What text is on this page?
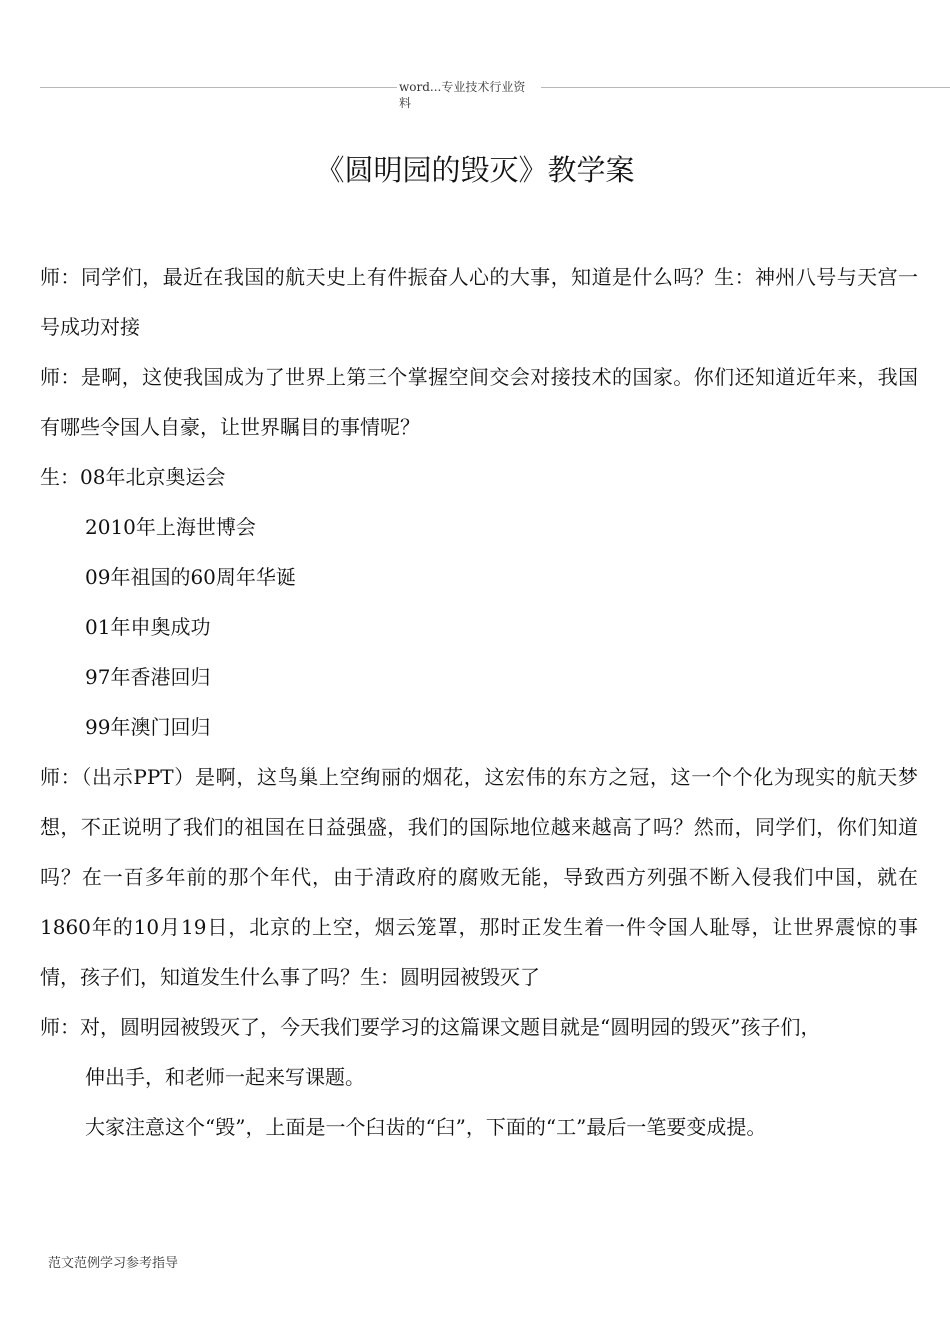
word...专业技术行业资
料
《圆明园的毁灭》教学案

师：同学们，最近在我国的航天史上有件振奋人心的大事，知道是什么吗？生：神州八号与天宫一号成功对接

师：是啊，这使我国成为了世界上第三个掌握空间交会对接技术的国家。你们还知道近年来，我国有哪些令国人自豪，让世界瞩目的事情呢？

生：08年北京奥运会

2010年上海世博会

09年祖国的60周年华诞

01年申奥成功

97年香港回归

99年澳门回归

师：（出示PPT）是啊，这鸟巢上空绚丽的烟花，这宏伟的东方之冠，这一个个化为现实的航天梦想，不正说明了我们的祖国在日益强盛，我们的国际地位越来越高了吗？然而，同学们，你们知道吗？在一百多年前的那个年代，由于清政府的腐败无能，导致西方列强不断入侵我们中国，就在1860年的10月19日，北京的上空，烟云笼罩，那时正发生着一件令国人耻辱，让世界震惊的事情，孩子们，知道发生什么事了吗？生：圆明园被毁灭了

师：对，圆明园被毁灭了，今天我们要学习的这篇课文题目就是“圆明园的毁灭”孩子们，

伸出手，和老师一起来写课题。

大家注意这个“毁”，上面是一个臼齿的“臼”，下面的“工”最后一笔要变成提。

范文范例学习参考指导
